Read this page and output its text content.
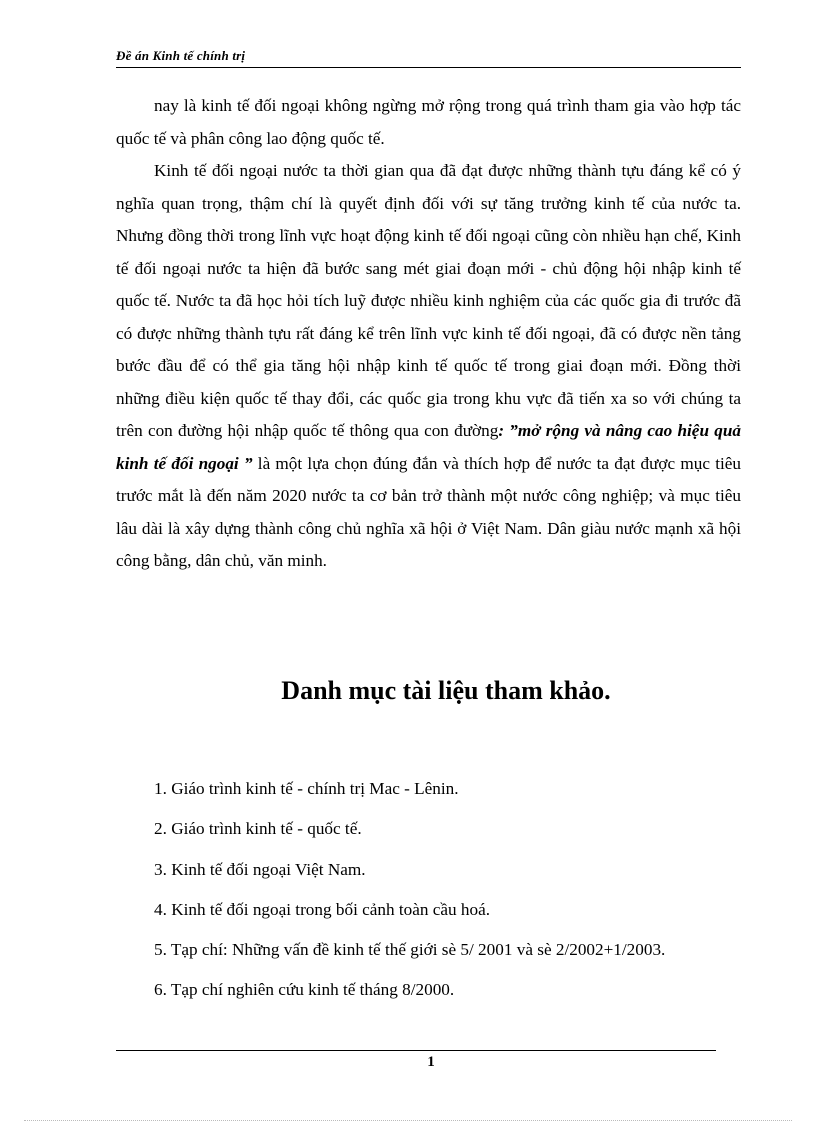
Đề án Kinh tế chính trị

nay là kinh tế đối ngoại không ngừng mở rộng trong quá trình tham gia vào hợp tác quốc tế và phân công lao động quốc tế.

Kinh tế đối ngoại nước ta thời gian qua đã đạt được những thành tựu đáng kể có ý nghĩa quan trọng, thậm chí là quyết định đối với sự tăng trưởng kinh tế của nước ta. Nhưng đồng thời trong lĩnh vực hoạt động kinh tế đối ngoại cũng còn nhiều hạn chế, Kinh tế đối ngoại nước ta hiện đã bước sang mét giai đoạn mới - chủ động hội nhập kinh tế quốc tế. Nước ta đã học hỏi tích luỹ được nhiều kinh nghiệm của các quốc gia đi trước đã có được những thành tựu rất đáng kể trên lĩnh vực kinh tế đối ngoại, đã có được nền tảng bước đầu để có thể gia tăng hội nhập kinh tế quốc tế trong giai đoạn mới. Đồng thời những điều kiện quốc tế thay đổi, các quốc gia trong khu vực đã tiến xa so với chúng ta trên con đường hội nhập quốc tế thông qua con đường: ”mở rộng và nâng cao hiệu quả kinh tế đối ngoại ” là một lựa chọn đúng đắn và thích hợp để nước ta đạt được mục tiêu trước mắt là đến năm 2020 nước ta cơ bản trở thành một nước công nghiệp; và mục tiêu lâu dài là xây dựng thành công chủ nghĩa xã hội ở Việt Nam. Dân giàu nước mạnh xã hội công bằng, dân chủ, văn minh.

Danh mục tài liệu tham khảo.
1. Giáo trình kinh tế - chính trị Mac - Lênin.
2. Giáo trình kinh tế - quốc tế.
3. Kinh tế đối ngoại Việt Nam.
4. Kinh tế đối ngoại trong bối cảnh toàn cầu hoá.
5. Tạp chí: Những vấn đề kinh tế thế giới sè 5/ 2001 và sè 2/2002+1/2003.
6. Tạp chí nghiên cứu kinh tế tháng 8/2000.
1
